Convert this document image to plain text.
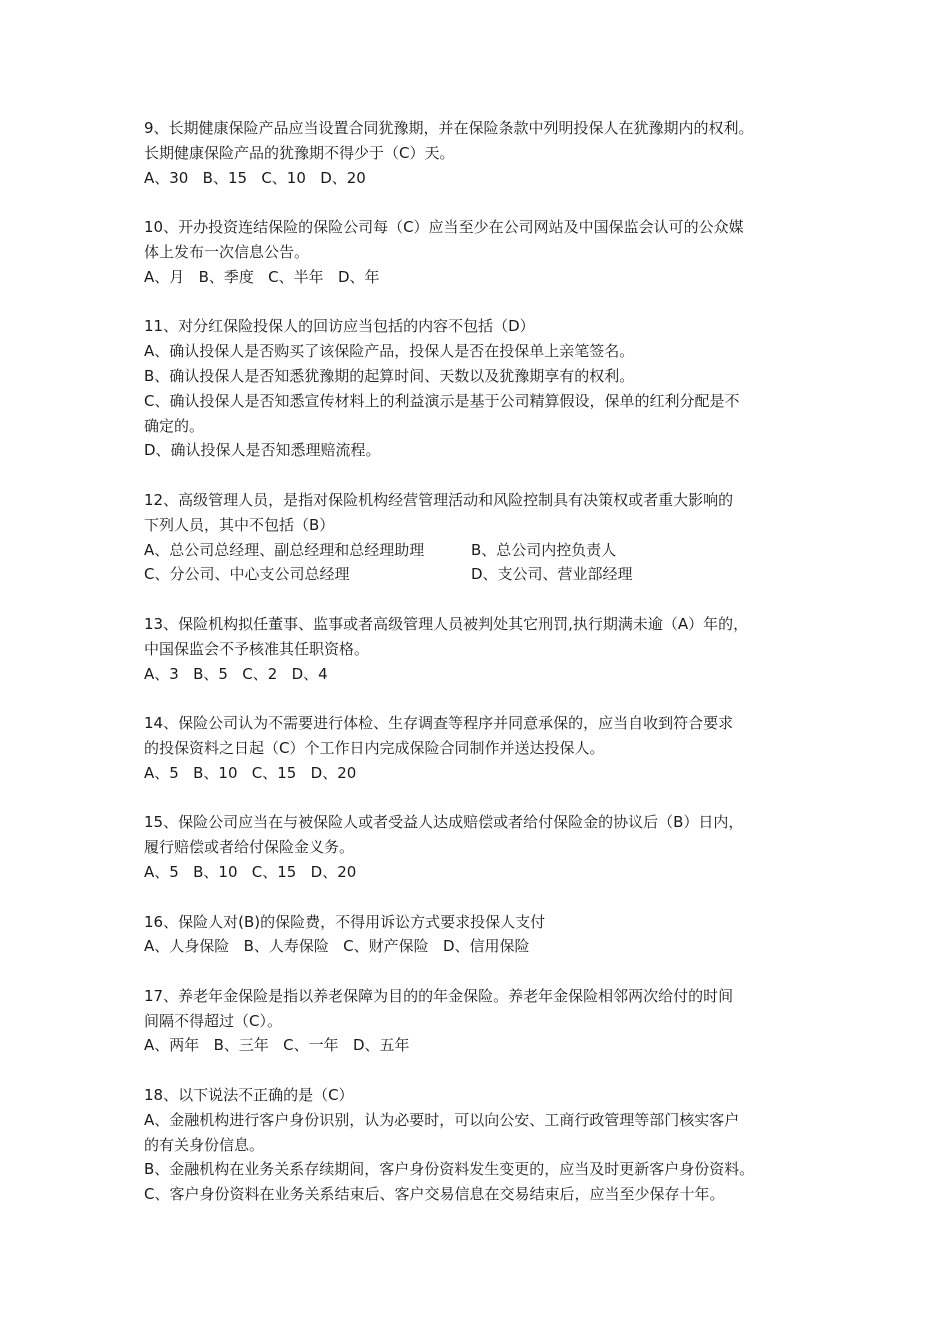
9、长期健康保险产品应当设置合同犹豫期，并在保险条款中列明投保人在犹豫期内的权利。
长期健康保险产品的犹豫期不得少于（C）天。
A、30   B、15   C、10   D、20
10、开办投资连结保险的保险公司每（C）应当至少在公司网站及中国保监会认可的公众媒
体上发布一次信息公告。
A、月   B、季度   C、半年   D、年
11、对分红保险投保人的回访应当包括的内容不包括（D）
A、确认投保人是否购买了该保险产品，投保人是否在投保单上亲笔签名。
B、确认投保人是否知悉犹豫期的起算时间、天数以及犹豫期享有的权利。
C、确认投保人是否知悉宣传材料上的利益演示是基于公司精算假设，保单的红利分配是不
确定的。
D、确认投保人是否知悉理赔流程。
12、高级管理人员，是指对保险机构经营管理活动和风险控制具有决策权或者重大影响的
下列人员，其中不包括（B）
A、总公司总经理、副总经理和总经理助理	B、总公司内控负责人
C、分公司、中心支公司总经理	D、支公司、营业部经理
13、保险机构拟任董事、监事或者高级管理人员被判处其它刑罚,执行期满未逾（A）年的，
中国保监会不予核准其任职资格。
A、3   B、5   C、2   D、4
14、保险公司认为不需要进行体检、生存调查等程序并同意承保的，应当自收到符合要求
的投保资料之日起（C）个工作日内完成保险合同制作并送达投保人。
A、5   B、10   C、15   D、20
15、保险公司应当在与被保险人或者受益人达成赔偿或者给付保险金的协议后（B）日内，
履行赔偿或者给付保险金义务。
A、5   B、10   C、15   D、20
16、保险人对(B)的保险费，不得用诉讼方式要求投保人支付
A、人身保险   B、人寿保险   C、财产保险   D、信用保险
17、养老年金保险是指以养老保障为目的的年金保险。养老年金保险相邻两次给付的时间
间隔不得超过（C）。
A、两年   B、三年   C、一年   D、五年
18、以下说法不正确的是（C）
A、金融机构进行客户身份识别，认为必要时，可以向公安、工商行政管理等部门核实客户
的有关身份信息。
B、金融机构在业务关系存续期间，客户身份资料发生变更的，应当及时更新客户身份资料。
C、客户身份资料在业务关系结束后、客户交易信息在交易结束后，应当至少保存十年。
